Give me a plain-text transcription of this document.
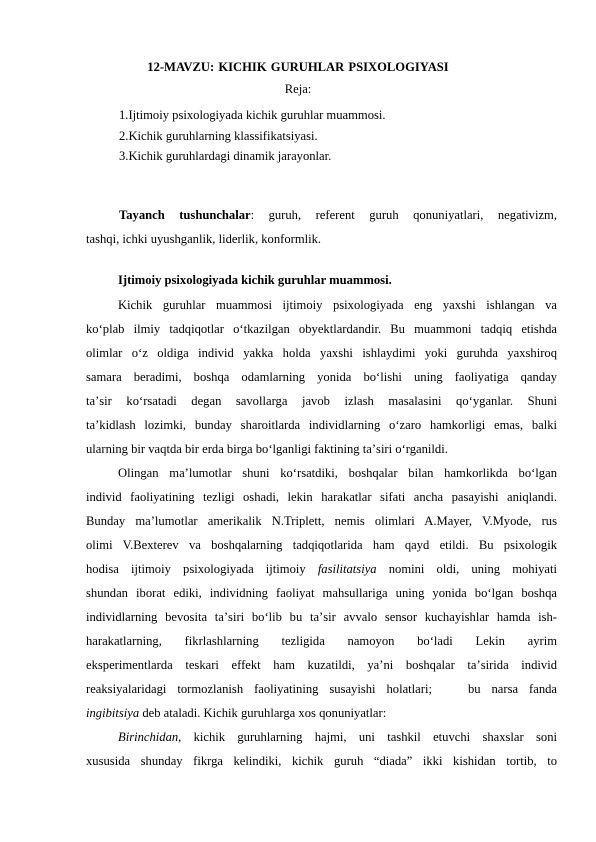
12-MAVZU: KICHIK GURUHLAR PSIXOLOGIYASI
Reja:
1.Ijtimoiy psixologiyada kichik guruhlar muammosi.
2.Kichik guruhlarning klassifikatsiyasi.
3.Kichik guruhlardagi dinamik jarayonlar.
Tayanch tushunchalar: guruh, referent guruh qonuniyatlari, negativizm,
tashqi, ichki uyushganlik, liderlik, konformlik.
Ijtimoiy psixologiyada kichik guruhlar muammosi.
Kichik guruhlar muammosi ijtimoiy psixologiyada eng yaxshi ishlangan va
koʻplab ilmiy tadqiqotlar oʻtkazilgan obyektlardandir. Bu muammoni tadqiq etishda
olimlar oʻz oldiga individ yakka holda yaxshi ishlaydimi yoki guruhda yaxshiroq
samara beradimi, boshqa odamlarning yonida boʻlishi uning faoliyatiga qanday
taʼsir koʻrsatadi degan savollarga javob izlash masalasini qoʻyganlar. Shuni
taʼkidlash lozimki, bunday sharoitlarda individlarning oʻzaro hamkorligi emas, balki
ularning bir vaqtda bir erda birga boʻlganligi faktining taʼsiri oʻrganildi.
Olingan maʼlumotlar shuni koʻrsatdiki, boshqalar bilan hamkorlikda boʻlgan
individ faoliyatining tezligi oshadi, lekin harakatlar sifati ancha pasayishi aniqlandi.
Bunday maʼlumotlar amerikalik N.Triplett, nemis olimlari A.Mayer, V.Myode, rus
olimi V.Bexterev va boshqalarning tadqiqotlarida ham qayd etildi. Bu psixologik
hodisa ijtimoiy psixologiyada ijtimoiy fasilitatsiya nomini oldi, uning mohiyati
shundan iborat ediki, individning faoliyat mahsullariga uning yonida boʻlgan boshqa
individlarning bevosita taʼsiri boʻlib bu taʼsir avvalo sensor kuchayishlar hamda ish-
harakatlarning, fikrlashlarning tezligida namoyon boʻladi Lekin ayrim
eksperimentlarda teskari effekt ham kuzatildi, yaʼni boshqalar taʼsirida individ
reaksiyalaridagi tormozlanish faoliyatining susayishi holatlari;	bu narsa fanda
ingibitsiya deb ataladi. Kichik guruhlarga xos qonuniyatlar:
Birinchidan, kichik guruhlarning hajmi, uni tashkil etuvchi shaxslar soni
xususida shunday fikrga kelindiki, kichik guruh “diada” ikki kishidan tortib, to
